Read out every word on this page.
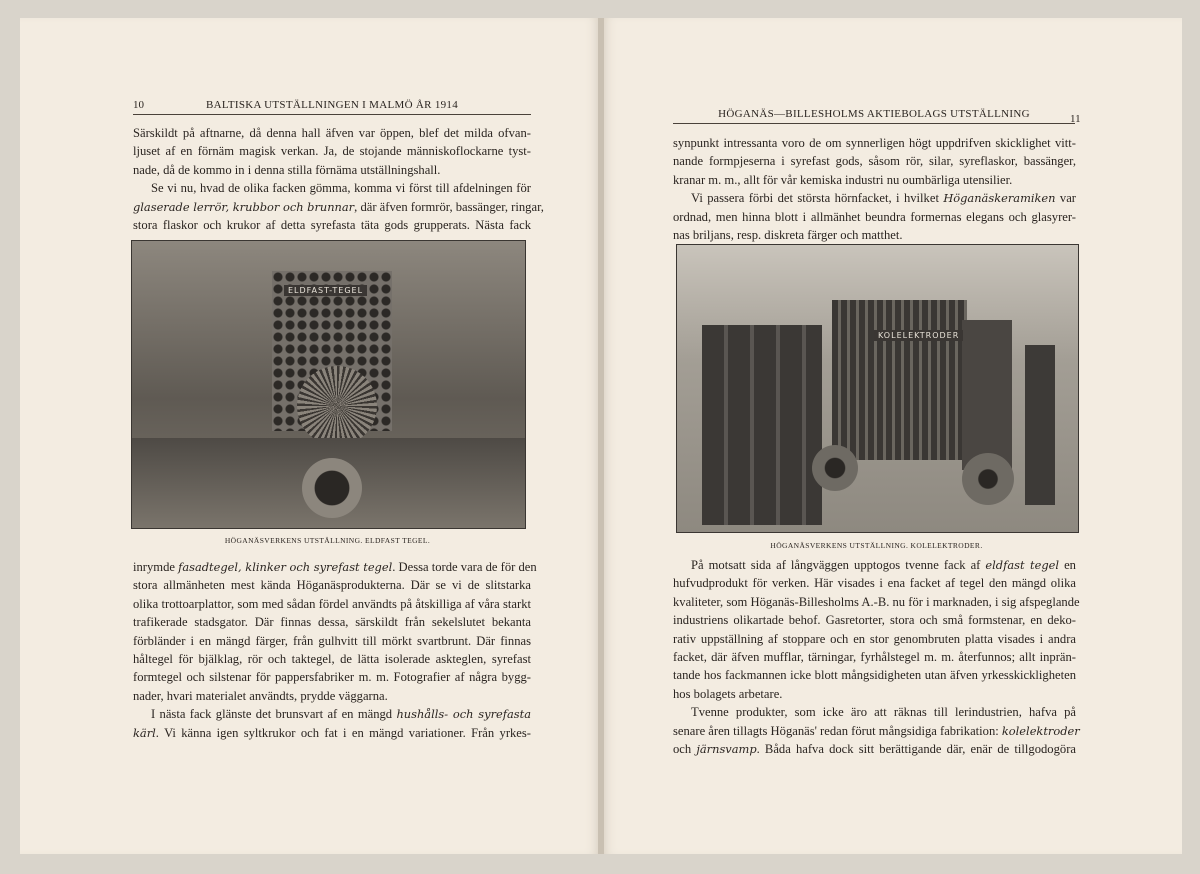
10	BALTISKA UTSTÄLLNINGEN I MALMÖ ÅR 1914
Särskildt på aftnarne, då denna hall äfven var öppen, blef det milda ofvan-
ljuset af en förnäm magisk verkan. Ja, de stojande människoflockarne tyst-
nade, då de kommo in i denna stilla förnäma utställningshall.
Se vi nu, hvad de olika facken gömma, komma vi först till afdelningen för
glaserade lerrör, krubbor och brunnar, där äfven formrör, bassänger, ringar,
stora flaskor och krukor af detta syrefasta täta gods grupperats. Nästa fack
ELDFAST-TEGEL
HÖGANÄSVERKENS UTSTÄLLNING. ELDFAST TEGEL.
inrymde fasadtegel, klinker och syrefast tegel. Dessa torde vara de för den
stora allmänheten mest kända Höganäsprodukterna. Där se vi de slitstarka
olika trottoarplattor, som med sådan fördel användts på åtskilliga af våra starkt
trafikerade stadsgator. Där finnas dessa, särskildt från sekelslutet bekanta
förbländer i en mängd färger, från gulhvitt till mörkt svartbrunt. Där finnas
håltegel för bjälklag, rör och taktegel, de lätta isolerade askteglen, syrefast
formtegel och silstenar för pappersfabriker m. m. Fotografier af några bygg-
nader, hvari materialet användts, prydde väggarna.
I nästa fack glänste det brunsvart af en mängd hushålls- och syrefasta
kärl. Vi känna igen syltkrukor och fat i en mängd variationer. Från yrkes-
HÖGANÄS—BILLESHOLMS AKTIEBOLAGS UTSTÄLLNING	11
synpunkt intressanta voro de om synnerligen högt uppdrifven skicklighet vitt-
nande formpjeserna i syrefast gods, såsom rör, silar, syreflaskor, bassänger,
kranar m. m., allt för vår kemiska industri nu oumbärliga utensilier.
Vi passera förbi det största hörnfacket, i hvilket Höganäskeramiken var
ordnad, men hinna blott i allmänhet beundra formernas elegans och glasyrer-
nas briljans, resp. diskreta färger och matthet.
KOLELEKTRODER
HÖGANÄSVERKENS UTSTÄLLNING. KOLELEKTRODER.
På motsatt sida af långväggen upptogos tvenne fack af eldfast tegel en
hufvudprodukt för verken. Här visades i ena facket af tegel den mängd olika
kvaliteter, som Höganäs-Billesholms A.-B. nu för i marknaden, i sig afspeglande
industriens olikartade behof. Gasretorter, stora och små formstenar, en deko-
rativ uppställning af stoppare och en stor genombruten platta visades i andra
facket, där äfven mufflar, tärningar, fyrhålstegel m. m. återfunnos; allt inprän-
tande hos fackmannen icke blott mångsidigheten utan äfven yrkesskickligheten
hos bolagets arbetare.
Tvenne produkter, som icke äro att räknas till lerindustrien, hafva på
senare åren tillagts Höganäs' redan förut mångsidiga fabrikation: kolelektroder
och järnsvamp. Båda hafva dock sitt berättigande där, enär de tillgodogöra
